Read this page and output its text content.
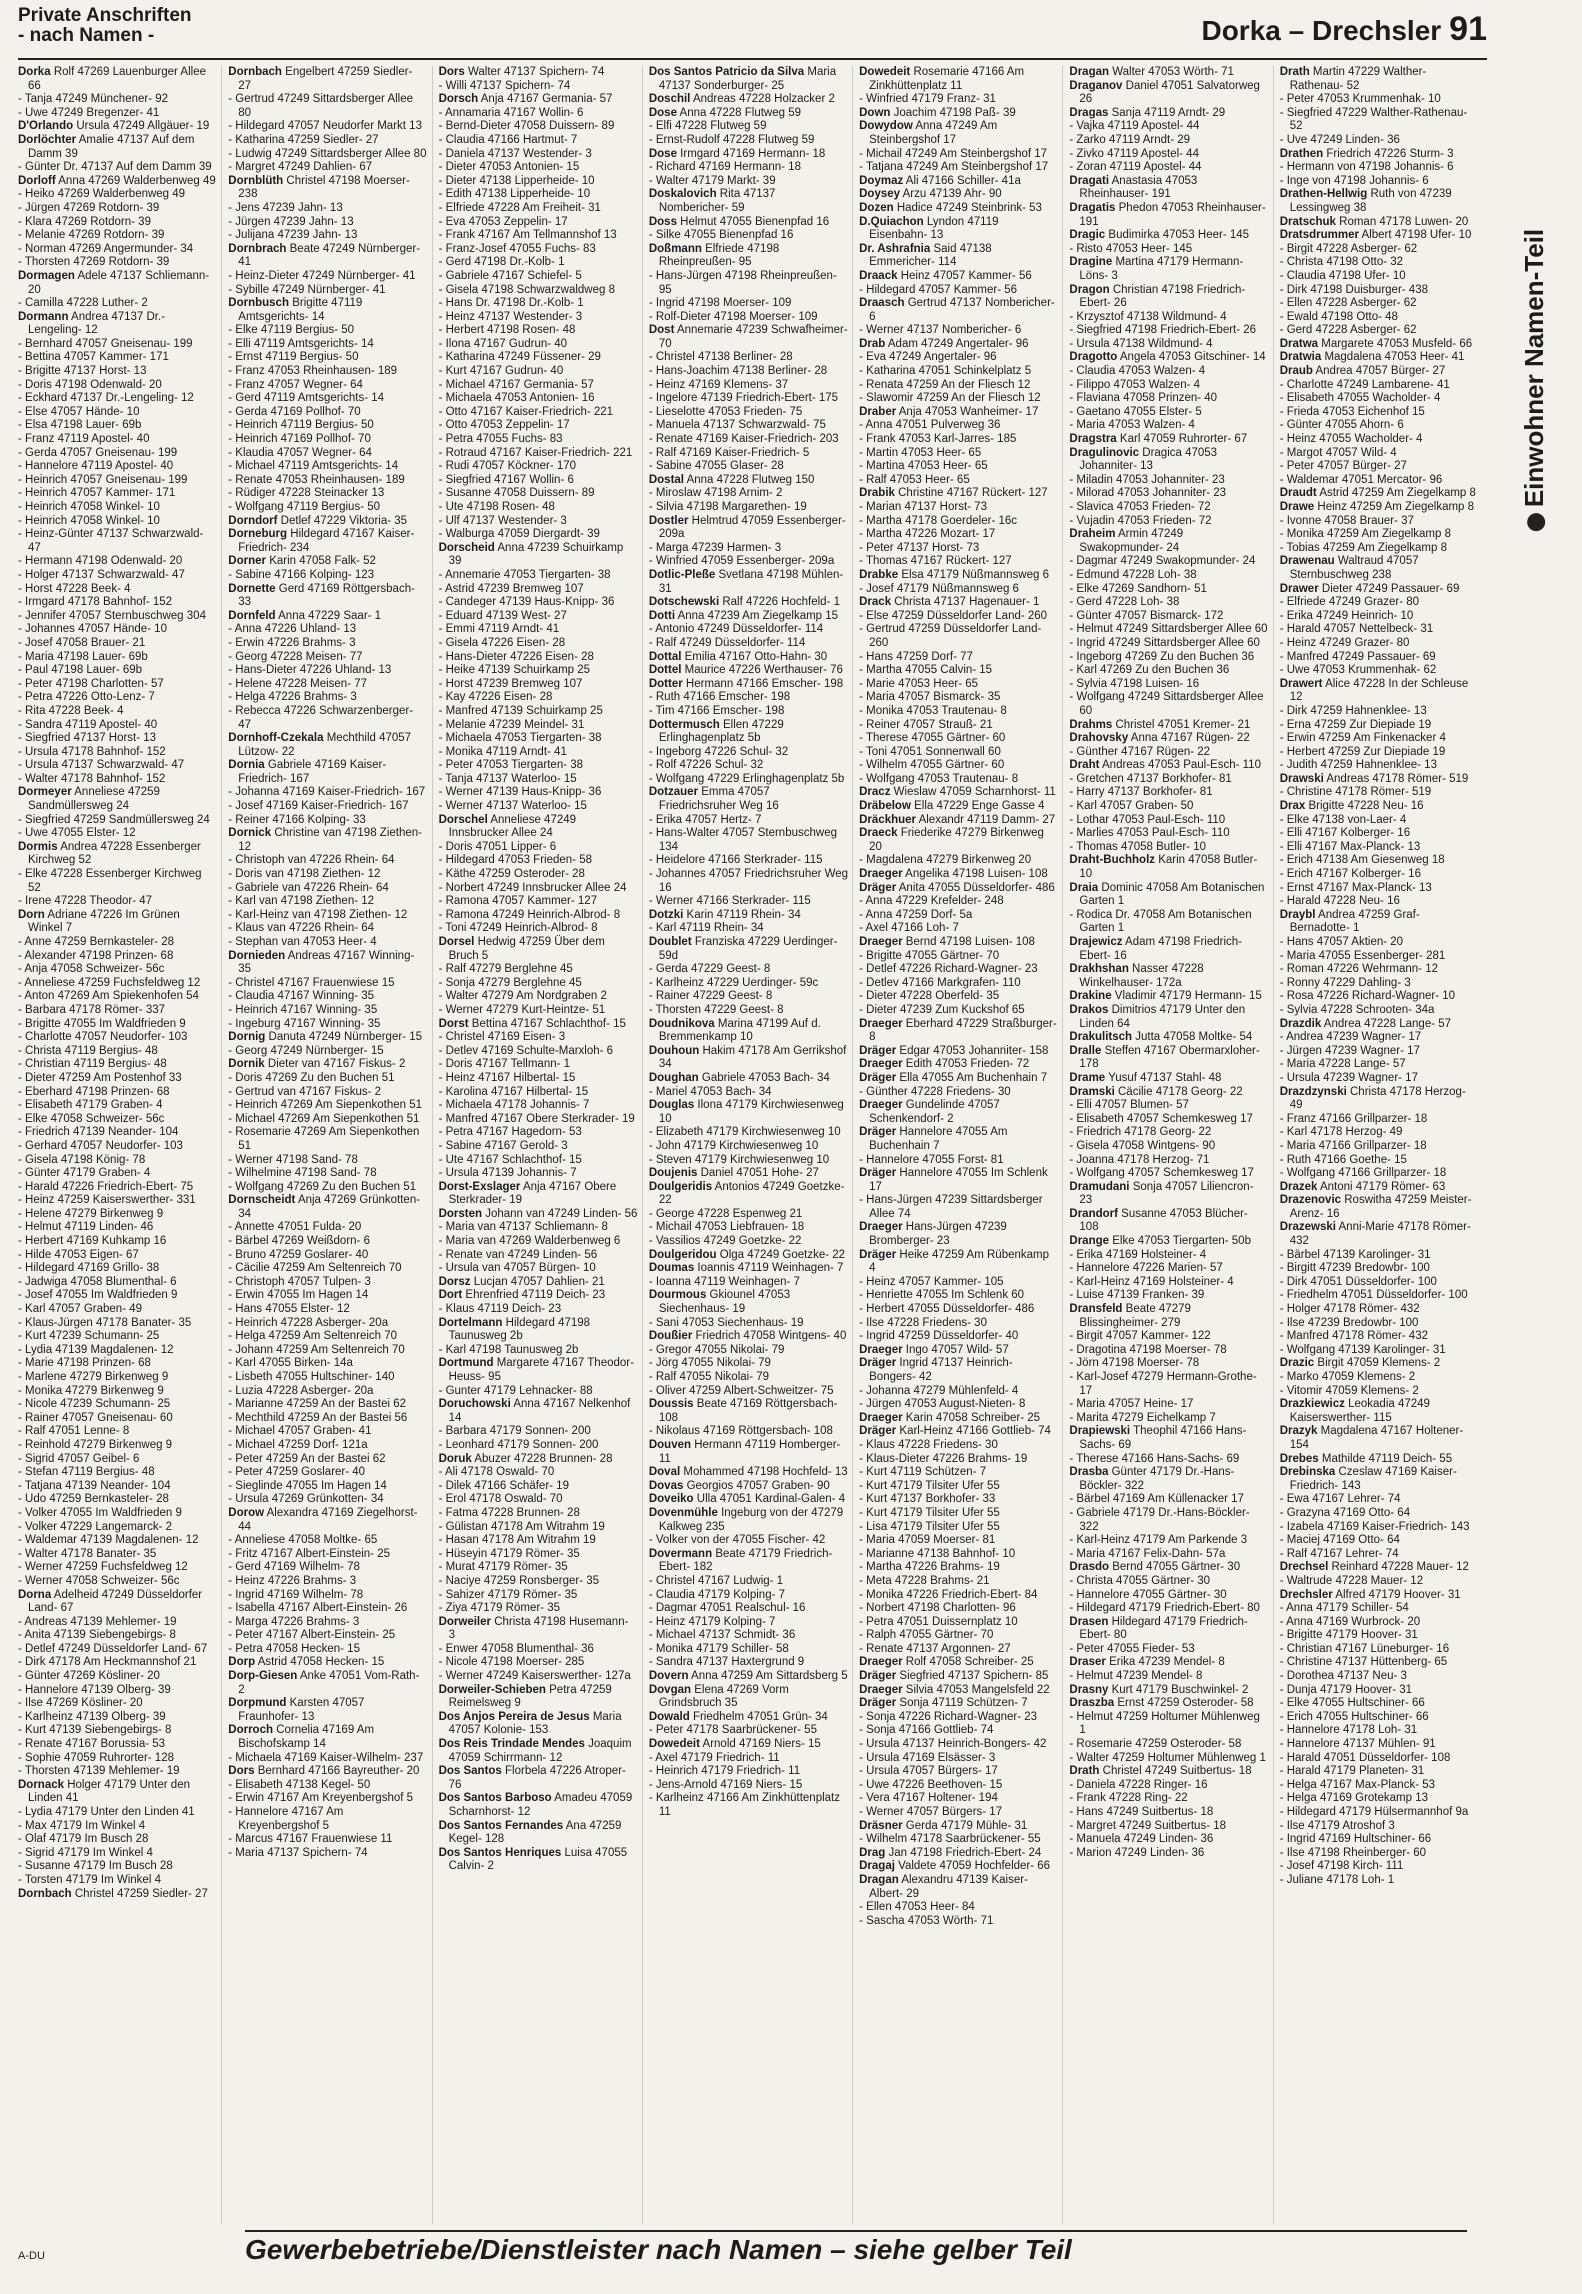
Private Anschriften
- nach Namen -	Dorka – Drechsler 91

Dorka Rolf 47269 Lauenburger Allee 66

- Tanja 47249 Münchener- 92

- Uwe 47249 Bregenzer- 41

D'Orlando Ursula 47249 Allgäuer- 19

Dorlöchter Amalie 47137 Auf dem Damm 39

- Günter Dr. 47137 Auf dem Damm 39

Dorloff Anna 47269 Walderbenweg 49

- Heiko 47269 Walderbenweg 49

- Jürgen 47269 Rotdorn- 39

- Klara 47269 Rotdorn- 39

- Melanie 47269 Rotdorn- 39

- Norman 47269 Angermunder- 34

- Thorsten 47269 Rotdorn- 39

Dormagen Adele 47137 Schliemann- 20

- Camilla 47228 Luther- 2

Dormann Andrea 47137 Dr.-Lengeling- 12

- Bernhard 47057 Gneisenau- 199

- Bettina 47057 Kammer- 171

- Brigitte 47137 Horst- 13

- Doris 47198 Odenwald- 20

- Eckhard 47137 Dr.-Lengeling- 12

- Else 47057 Hände- 10

- Elsa 47198 Lauer- 69b

- Franz 47119 Apostel- 40

- Gerda 47057 Gneisenau- 199

- Hannelore 47119 Apostel- 40

- Heinrich 47057 Gneisenau- 199

- Heinrich 47057 Kammer- 171

- Heinrich 47058 Winkel- 10

- Heinrich 47058 Winkel- 10

- Heinz-Günter 47137 Schwarzwald- 47

- Hermann 47198 Odenwald- 20

- Holger 47137 Schwarzwald- 47

- Horst 47228 Beek- 4

- Irmgard 47178 Bahnhof- 152

- Jennifer 47057 Sternbuschweg 304

- Johannes 47057 Hände- 10

- Josef 47058 Brauer- 21

- Maria 47198 Lauer- 69b

- Paul 47198 Lauer- 69b

- Peter 47198 Charlotten- 57

- Petra 47226 Otto-Lenz- 7

- Rita 47228 Beek- 4

- Sandra 47119 Apostel- 40

- Siegfried 47137 Horst- 13

- Ursula 47178 Bahnhof- 152

- Ursula 47137 Schwarzwald- 47

- Walter 47178 Bahnhof- 152

Dormeyer Anneliese 47259 Sandmüllersweg 24

- Siegfried 47259 Sandmüllersweg 24

- Uwe 47055 Elster- 12

Dormis Andrea 47228 Essenberger Kirchweg 52

- Elke 47228 Essenberger Kirchweg 52

- Irene 47228 Theodor- 47

Dorn Adriane 47226 Im Grünen Winkel 7

- Anne 47259 Bernkasteler- 28

- Alexander 47198 Prinzen- 68

- Anja 47058 Schweizer- 56c

- Anneliese 47259 Fuchsfeldweg 12

- Anton 47269 Am Spiekenhofen 54

- Barbara 47178 Römer- 337

- Brigitte 47055 Im Waldfrieden 9

- Charlotte 47057 Neudorfer- 103

- Christa 47119 Bergius- 48

- Christian 47119 Bergius- 48

- Dieter 47259 Am Postenhof 33

- Eberhard 47198 Prinzen- 68

- Elisabeth 47179 Graben- 4

- Elke 47058 Schweizer- 56c

- Friedrich 47139 Neander- 104

- Gerhard 47057 Neudorfer- 103

- Gisela 47198 König- 78

- Günter 47179 Graben- 4

- Harald 47226 Friedrich-Ebert- 75

- Heinz 47259 Kaiserswerther- 331

- Helene 47279 Birkenweg 9

- Helmut 47119 Linden- 46

- Herbert 47169 Kuhkamp 16

- Hilde 47053 Eigen- 67

- Hildegard 47169 Grillo- 38

- Jadwiga 47058 Blumenthal- 6

- Josef 47055 Im Waldfrieden 9

- Karl 47057 Graben- 49

- Klaus-Jürgen 47178 Banater- 35

- Kurt 47239 Schumann- 25

- Lydia 47139 Magdalenen- 12

- Marie 47198 Prinzen- 68

- Marlene 47279 Birkenweg 9

- Monika 47279 Birkenweg 9

- Nicole 47239 Schumann- 25

- Rainer 47057 Gneisenau- 60

- Ralf 47051 Lenne- 8

- Reinhold 47279 Birkenweg 9

- Sigrid 47057 Geibel- 6

- Stefan 47119 Bergius- 48

- Tatjana 47139 Neander- 104

- Udo 47259 Bernkasteler- 28

- Volker 47055 Im Waldfrieden 9

- Volker 47229 Langemarck- 2

- Waldemar 47139 Magdalenen- 12

- Walter 47178 Banater- 35

- Werner 47259 Fuchsfeldweg 12

- Werner 47058 Schweizer- 56c

Dorna Adelheid 47249 Düsseldorfer Land- 67

- Andreas 47139 Mehlemer- 19

- Anita 47139 Siebengebirgs- 8

- Detlef 47249 Düsseldorfer Land- 67

- Dirk 47178 Am Heckmannshof 21

- Günter 47269 Kösliner- 20

- Hannelore 47139 Olberg- 39

- Ilse 47269 Kösliner- 20

- Karlheinz 47139 Olberg- 39

- Kurt 47139 Siebengebirgs- 8

- Renate 47167 Borussia- 53

- Sophie 47059 Ruhrorter- 128

- Thorsten 47139 Mehlemer- 19

Dornack Holger 47179 Unter den Linden 41

- Lydia 47179 Unter den Linden 41

- Max 47179 Im Winkel 4

- Olaf 47179 Im Busch 28

- Sigrid 47179 Im Winkel 4

- Susanne 47179 Im Busch 28

- Torsten 47179 Im Winkel 4

Dornbach Christel 47259 Siedler- 27

Dornbach Engelbert 47259 Siedler- 27

- Gertrud 47249 Sittardsberger Allee 80

- Hildegard 47057 Neudorfer Markt 13

- Katharina 47259 Siedler- 27

- Ludwig 47249 Sittardsberger Allee 80

- Margret 47249 Dahlien- 67

Dornblüth Christel 47198 Moerser- 238

- Jens 47239 Jahn- 13

- Jürgen 47239 Jahn- 13

- Julijana 47239 Jahn- 13

Dornbrach Beate 47249 Nürnberger- 41

- Heinz-Dieter 47249 Nürnberger- 41

- Sybille 47249 Nürnberger- 41

Dornbusch Brigitte 47119 Amtsgerichts- 14

- Elke 47119 Bergius- 50

- Elli 47119 Amtsgerichts- 14

- Ernst 47119 Bergius- 50

- Franz 47053 Rheinhausen- 189

- Franz 47057 Wegner- 64

- Gerd 47119 Amtsgerichts- 14

- Gerda 47169 Pollhof- 70

- Heinrich 47119 Bergius- 50

- Heinrich 47169 Pollhof- 70

- Klaudia 47057 Wegner- 64

- Michael 47119 Amtsgerichts- 14

- Renate 47053 Rheinhausen- 189

- Rüdiger 47228 Steinacker 13

- Wolfgang 47119 Bergius- 50

Dorndorf Detlef 47229 Viktoria- 35

Dorneburg Hildegard 47167 Kaiser-Friedrich- 234

Dorner Karin 47058 Falk- 52

- Sabine 47166 Kolping- 123

Dornette Gerd 47169 Röttgersbach- 33

Dornfeld Anna 47229 Saar- 1

- Anna 47226 Uhland- 13

- Erwin 47226 Brahms- 3

- Georg 47228 Meisen- 77

- Hans-Dieter 47226 Uhland- 13

- Helene 47228 Meisen- 77

- Helga 47226 Brahms- 3

- Rebecca 47226 Schwarzenberger- 47

Dornhoff-Czekala Mechthild 47057 Lützow- 22

Dornia Gabriele 47169 Kaiser-Friedrich- 167

- Johanna 47169 Kaiser-Friedrich- 167

- Josef 47169 Kaiser-Friedrich- 167

- Reiner 47166 Kolping- 33

Dornick Christine van 47198 Ziethen- 12

- Christoph van 47226 Rhein- 64

- Doris van 47198 Ziethen- 12

- Gabriele van 47226 Rhein- 64

- Karl van 47198 Ziethen- 12

- Karl-Heinz van 47198 Ziethen- 12

- Klaus van 47226 Rhein- 64

- Stephan van 47053 Heer- 4

Dornieden Andreas 47167 Winning- 35

- Christel 47167 Frauenwiese 15

- Claudia 47167 Winning- 35

- Heinrich 47167 Winning- 35

- Ingeburg 47167 Winning- 35

Dornig Danuta 47249 Nürnberger- 15

- Georg 47249 Nürnberger- 15

Dornik Dieter van 47167 Fiskus- 2

- Doris 47269 Zu den Buchen 51

- Gertrud van 47167 Fiskus- 2

- Heinrich 47269 Am Siepenkothen 51

- Michael 47269 Am Siepenkothen 51

- Rosemarie 47269 Am Siepenkothen 51

- Werner 47198 Sand- 78

- Wilhelmine 47198 Sand- 78

- Wolfgang 47269 Zu den Buchen 51

Dornscheidt Anja 47269 Grünkotten- 34

- Annette 47051 Fulda- 20

- Bärbel 47269 Weißdorn- 6

- Bruno 47259 Goslarer- 40

- Cäcilie 47259 Am Seltenreich 70

- Christoph 47057 Tulpen- 3

- Erwin 47055 Im Hagen 14

- Hans 47055 Elster- 12

- Heinrich 47228 Asberger- 20a

- Helga 47259 Am Seltenreich 70

- Johann 47259 Am Seltenreich 70

- Karl 47055 Birken- 14a

- Lisbeth 47055 Hultschiner- 140

- Luzia 47228 Asberger- 20a

- Marianne 47259 An der Bastei 62

- Mechthild 47259 An der Bastei 56

- Michael 47057 Graben- 41

- Michael 47259 Dorf- 121a

- Peter 47259 An der Bastei 62

- Peter 47259 Goslarer- 40

- Sieglinde 47055 Im Hagen 14

- Ursula 47269 Grünkotten- 34

Dorow Alexandra 47169 Ziegelhorst- 44

- Anneliese 47058 Moltke- 65

- Fritz 47167 Albert-Einstein- 25

- Gerd 47169 Wilhelm- 78

- Heinz 47226 Brahms- 3

- Ingrid 47169 Wilhelm- 78

- Isabella 47167 Albert-Einstein- 26

- Marga 47226 Brahms- 3

- Peter 47167 Albert-Einstein- 25

- Petra 47058 Hecken- 15

Dorp Astrid 47058 Hecken- 15

Dorp-Giesen Anke 47051 Vom-Rath- 2

Dorpmund Karsten 47057 Fraunhofer- 13

Dorroch Cornelia 47169 Am Bischofskamp 14

- Michaela 47169 Kaiser-Wilhelm- 237

Dors Bernhard 47166 Bayreuther- 20

- Elisabeth 47138 Kegel- 50

- Erwin 47167 Am Kreyenbergshof 5

- Hannelore 47167 Am Kreyenbergshof 5

- Marcus 47167 Frauenwiese 11

- Maria 47137 Spichern- 74

Dors Walter 47137 Spichern- 74

- Willi 47137 Spichern- 74

Dorsch Anja 47167 Germania- 57

- Annamaria 47167 Wollin- 6

- Bernd-Dieter 47058 Duissern- 89

- Claudia 47166 Hartmut- 7

- Daniela 47137 Westender- 3

- Dieter 47053 Antonien- 15

- Dieter 47138 Lipperheide- 10

- Edith 47138 Lipperheide- 10

- Elfriede 47228 Am Freiheit- 31

- Eva 47053 Zeppelin- 17

- Frank 47167 Am Tellmannshof 13

- Franz-Josef 47055 Fuchs- 83

- Gerd 47198 Dr.-Kolb- 1

- Gabriele 47167 Schiefel- 5

- Gisela 47198 Schwarzwaldweg 8

- Hans Dr. 47198 Dr.-Kolb- 1

- Heinz 47137 Westender- 3

- Herbert 47198 Rosen- 48

- Ilona 47167 Gudrun- 40

- Katharina 47249 Füssener- 29

- Kurt 47167 Gudrun- 40

- Michael 47167 Germania- 57

- Michaela 47053 Antonien- 16

- Otto 47167 Kaiser-Friedrich- 221

- Otto 47053 Zeppelin- 17

- Petra 47055 Fuchs- 83

- Rotraud 47167 Kaiser-Friedrich- 221

- Rudi 47057 Köckner- 170

- Siegfried 47167 Wollin- 6

- Susanne 47058 Duissern- 89

- Ute 47198 Rosen- 48

- Ulf 47137 Westender- 3

- Walburga 47059 Diergardt- 39

Dorscheid Anna 47239 Schuirkamp 39

- Annemarie 47053 Tiergarten- 38

- Astrid 47239 Bremweg 107

- Candeger 47139 Haus-Knipp- 36

- Eduard 47139 West- 27

- Emmi 47119 Arndt- 41

- Gisela 47226 Eisen- 28

- Hans-Dieter 47226 Eisen- 28

- Heike 47139 Schuirkamp 25

- Horst 47239 Bremweg 107

- Kay 47226 Eisen- 28

- Manfred 47139 Schuirkamp 25

- Melanie 47239 Meindel- 31

- Michaela 47053 Tiergarten- 38

- Monika 47119 Arndt- 41

- Peter 47053 Tiergarten- 38

- Tanja 47137 Waterloo- 15

- Werner 47139 Haus-Knipp- 36

- Werner 47137 Waterloo- 15

Dorschel Anneliese 47249 Innsbrucker Allee 24

- Doris 47051 Lipper- 6

- Hildegard 47053 Frieden- 58

- Käthe 47259 Osteroder- 28

- Norbert 47249 Innsbrucker Allee 24

- Ramona 47057 Kammer- 127

- Ramona 47249 Heinrich-Albrod- 8

- Toni 47249 Heinrich-Albrod- 8

Dorsel Hedwig 47259 Über dem Bruch 5

- Ralf 47279 Berglehne 45

- Sonja 47279 Berglehne 45

- Walter 47279 Am Nordgraben 2

- Werner 47279 Kurt-Heintze- 51

Dorst Bettina 47167 Schlachthof- 15

- Christel 47169 Eisen- 3

- Detlev 47169 Schulte-Marxloh- 6

- Doris 47167 Tellmann- 1

- Heinz 47167 Hilbertal- 15

- Karolina 47167 Hilbertal- 15

- Michaela 47178 Johannis- 7

- Manfred 47167 Obere Sterkrader- 19

- Petra 47167 Hagedorn- 53

- Sabine 47167 Gerold- 3

- Ute 47167 Schlachthof- 15

- Ursula 47139 Johannis- 7

Dorst-Exslager Anja 47167 Obere Sterkrader- 19

Dorsten Johann van 47249 Linden- 56

- Maria van 47137 Schliemann- 8

- Maria van 47269 Walderbenweg 6

- Renate van 47249 Linden- 56

- Ursula van 47057 Bürgen- 10

Dorsz Lucjan 47057 Dahlien- 21

Dort Ehrenfried 47119 Deich- 23

- Klaus 47119 Deich- 23

Dortelmann Hildegard 47198 Taunusweg 2b

- Karl 47198 Taunusweg 2b

Dortmund Margarete 47167 Theodor-Heuss- 95

- Gunter 47179 Lehnacker- 88

Doruchowski Anna 47167 Nelkenhof 14

- Barbara 47179 Sonnen- 200

- Leonhard 47179 Sonnen- 200

Doruk Abuzer 47228 Brunnen- 28

- Ali 47178 Oswald- 70

- Dilek 47166 Schäfer- 19

- Erol 47178 Oswald- 70

- Fatma 47228 Brunnen- 28

- Gülistan 47178 Am Witrahm 19

- Hasan 47178 Am Witrahm 19

- Hüseyin 47179 Römer- 35

- Murat 47179 Römer- 35

- Naciye 47259 Ronsberger- 35

- Sahizer 47179 Römer- 35

- Ziya 47179 Römer- 35

Dorweiler Christa 47198 Husemann- 3

- Enwer 47058 Blumenthal- 36

- Nicole 47198 Moerser- 285

- Werner 47249 Kaiserswerther- 127a

Dorweiler-Schieben Petra 47259 Reimelsweg 9

Dos Anjos Pereira de Jesus Maria 47057 Kolonie- 153

Dos Reis Trindade Mendes Joaquim 47059 Schirrmann- 12

Dos Santos Florbela 47226 Atroper- 76

Dos Santos Barboso Amadeu 47059 Scharnhorst- 12

Dos Santos Fernandes Ana 47259 Kegel- 128

Dos Santos Henriques Luisa 47055 Calvin- 2

Dos Santos Patricio da Silva Maria 47137 Sonderburger- 25

Doschil Andreas 47228 Holzacker 2

Dose Anna 47228 Flutweg 59

- Elfi 47228 Flutweg 59

- Ernst-Rudolf 47228 Flutweg 59

Dose Irmgard 47169 Hermann- 18

- Richard 47169 Hermann- 18

- Walter 47179 Markt- 39

Doskalovich Rita 47137 Nombericher- 59

Doss Helmut 47055 Bienenpfad 16

- Silke 47055 Bienenpfad 16

Doßmann Elfriede 47198 Rheinpreußen- 95

- Hans-Jürgen 47198 Rheinpreußen- 95

- Ingrid 47198 Moerser- 109

- Rolf-Dieter 47198 Moerser- 109

Dost Annemarie 47239 Schwafheimer- 70

- Christel 47138 Berliner- 28

- Hans-Joachim 47138 Berliner- 28

- Heinz 47169 Klemens- 37

- Ingelore 47139 Friedrich-Ebert- 175

- Lieselotte 47053 Frieden- 75

- Manuela 47137 Schwarzwald- 75

- Renate 47169 Kaiser-Friedrich- 203

- Ralf 47169 Kaiser-Friedrich- 5

- Sabine 47055 Glaser- 28

Dostal Anna 47228 Flutweg 150

- Miroslaw 47198 Arnim- 2

- Silvia 47198 Margarethen- 19

Dostler Helmtrud 47059 Essenberger- 209a

- Marga 47239 Harmen- 3

- Winfried 47059 Essenberger- 209a

Dotlic-Pleße Svetlana 47198 Mühlen- 31

Dotschewski Ralf 47226 Hochfeld- 1

Dotti Anna 47239 Am Ziegelkamp 15

- Antonio 47249 Düsseldorfer- 114

- Ralf 47249 Düsseldorfer- 114

Dottal Emilia 47167 Otto-Hahn- 30

Dottel Maurice 47226 Werthauser- 76

Dotter Hermann 47166 Emscher- 198

- Ruth 47166 Emscher- 198

- Tim 47166 Emscher- 198

Dottermusch Ellen 47229 Erlinghagenplatz 5b

- Ingeborg 47226 Schul- 32

- Rolf 47226 Schul- 32

- Wolfgang 47229 Erlinghagenplatz 5b

Dotzauer Emma 47057 Friedrichsruher Weg 16

- Erika 47057 Hertz- 7

- Hans-Walter 47057 Sternbuschweg 134

- Heidelore 47166 Sterkrader- 115

- Johannes 47057 Friedrichsruher Weg 16

- Werner 47166 Sterkrader- 115

Dotzki Karin 47119 Rhein- 34

- Karl 47119 Rhein- 34

Doublet Franziska 47229 Uerdinger- 59d

- Gerda 47229 Geest- 8

- Karlheinz 47229 Uerdinger- 59c

- Rainer 47229 Geest- 8

- Thorsten 47229 Geest- 8

Doudnikova Marina 47199 Auf d. Bremmenkamp 10

Douhoun Hakim 47178 Am Gerrikshof 34

Doughan Gabriele 47053 Bach- 34

- Mariel 47053 Bach- 34

Douglas Ilona 47179 Kirchwiesenweg 10

- Elizabeth 47179 Kirchwiesenweg 10

- John 47179 Kirchwiesenweg 10

- Steven 47179 Kirchwiesenweg 10

Doujenis Daniel 47051 Hohe- 27

Doulgeridis Antonios 47249 Goetzke- 22

- George 47228 Espenweg 21

- Michail 47053 Liebfrauen- 18

- Vassilios 47249 Goetzke- 22

Doulgeridou Olga 47249 Goetzke- 22

Doumas Ioannis 47119 Weinhagen- 7

- Ioanna 47119 Weinhagen- 7

Dourmous Gkiounel 47053 Siechenhaus- 19

- Sani 47053 Siechenhaus- 19

Doußier Friedrich 47058 Wintgens- 40

- Gregor 47055 Nikolai- 79

- Jörg 47055 Nikolai- 79

- Ralf 47055 Nikolai- 79

- Oliver 47259 Albert-Schweitzer- 75

Doussis Beate 47169 Röttgersbach- 108

- Nikolaus 47169 Röttgersbach- 108

Douven Hermann 47119 Homberger- 11

Doval Mohammed 47198 Hochfeld- 13

Dovas Georgios 47057 Graben- 90

Doveiko Ulla 47051 Kardinal-Galen- 4

Dovenmühle Ingeburg von der 47279 Kalkweg 235

- Volker von der 47055 Fischer- 42

Dovermann Beate 47179 Friedrich-Ebert- 182

- Christel 47167 Ludwig- 1

- Claudia 47179 Kolping- 7

- Dagmar 47051 Realschul- 16

- Heinz 47179 Kolping- 7

- Michael 47137 Schmidt- 36

- Monika 47179 Schiller- 58

- Sandra 47137 Haxtergrund 9

Dovern Anna 47259 Am Sittardsberg 5

Dovgan Elena 47269 Vorm Grindsbruch 35

Dowald Friedhelm 47051 Grün- 34

- Peter 47178 Saarbrückener- 55

Dowedeit Arnold 47169 Niers- 15

- Axel 47179 Friedrich- 11

- Heinrich 47179 Friedrich- 11

- Jens-Arnold 47169 Niers- 15

- Karlheinz 47166 Am Zinkhüttenplatz 11

Dowedeit Rosemarie 47166 Am Zinkhüttenplatz 11

- Winfried 47179 Franz- 31

Down Joachim 47198 Paß- 39

Dowydow Anna 47249 Am Steinbergshof 17

- Michail 47249 Am Steinbergshof 17

- Tatjana 47249 Am Steinbergshof 17

Doymaz Ali 47166 Schiller- 41a

Doysey Arzu 47139 Ahr- 90

Dozen Hadice 47249 Steinbrink- 53

D.Quiachon Lyndon 47119 Eisenbahn- 13

Dr. Ashrafnia Said 47138 Emmericher- 114

Draack Heinz 47057 Kammer- 56

- Hildegard 47057 Kammer- 56

Draasch Gertrud 47137 Nombericher- 6

- Werner 47137 Nombericher- 6

Drab Adam 47249 Angertaler- 96

- Eva 47249 Angertaler- 96

- Katharina 47051 Schinkelplatz 5

- Renata 47259 An der Fliesch 12

- Slawomir 47259 An der Fliesch 12

Draber Anja 47053 Wanheimer- 17

- Anna 47051 Pulverweg 36

- Frank 47053 Karl-Jarres- 185

- Martin 47053 Heer- 65

- Martina 47053 Heer- 65

- Ralf 47053 Heer- 65

Drabik Christine 47167 Rückert- 127

- Marian 47137 Horst- 73

- Martha 47178 Goerdeler- 16c

- Martha 47226 Mozart- 17

- Peter 47137 Horst- 73

- Thomas 47167 Rückert- 127

Drabke Elsa 47179 Nüßmannsweg 6

- Josef 47179 Nüßmannsweg 6

Drack Christa 47137 Hagenauer- 1

- Else 47259 Düsseldorfer Land- 260

- Gertrud 47259 Düsseldorfer Land- 260

- Hans 47259 Dorf- 77

- Martha 47055 Calvin- 15

- Marie 47053 Heer- 65

- Maria 47057 Bismarck- 35

- Monika 47053 Trautenau- 8

- Reiner 47057 Strauß- 21

- Therese 47055 Gärtner- 60

- Toni 47051 Sonnenwall 60

- Wilhelm 47055 Gärtner- 60

- Wolfgang 47053 Trautenau- 8

Dracz Wieslaw 47059 Scharnhorst- 11

Dräbelow Ella 47229 Enge Gasse 4

Dräckhuer Alexandr 47119 Damm- 27

Draeck Friederike 47279 Birkenweg 20

- Magdalena 47279 Birkenweg 20

Draeger Angelika 47198 Luisen- 108

Dräger Anita 47055 Düsseldorfer- 486

- Anna 47229 Krefelder- 248

- Anna 47259 Dorf- 5a

- Axel 47166 Loh- 7

Draeger Bernd 47198 Luisen- 108

- Brigitte 47055 Gärtner- 70

- Detlef 47226 Richard-Wagner- 23

- Detlev 47166 Markgrafen- 110

- Dieter 47228 Oberfeld- 35

- Dieter 47239 Zum Kuckshof 65

Draeger Eberhard 47229 Straßburger- 8

Dräger Edgar 47053 Johanniter- 158

Draeger Edith 47053 Frieden- 72

Dräger Ella 47055 Am Buchenhain 7

- Günther 47228 Friedens- 30

Draeger Gundelinde 47057 Schenkendorf- 2

Dräger Hannelore 47055 Am Buchenhain 7

- Hannelore 47055 Forst- 81

Dräger Hannelore 47055 Im Schlenk 17

- Hans-Jürgen 47239 Sittardsberger Allee 74

Draeger Hans-Jürgen 47239 Bromberger- 23

Dräger Heike 47259 Am Rübenkamp 4

- Heinz 47057 Kammer- 105

- Henriette 47055 Im Schlenk 60

- Herbert 47055 Düsseldorfer- 486

- Ilse 47228 Friedens- 30

- Ingrid 47259 Düsseldorfer- 40

Draeger Ingo 47057 Wild- 57

Dräger Ingrid 47137 Heinrich-Bongers- 42

- Johanna 47279 Mühlenfeld- 4

- Jürgen 47053 August-Nieten- 8

Draeger Karin 47058 Schreiber- 25

Dräger Karl-Heinz 47166 Gottlieb- 74

- Klaus 47228 Friedens- 30

- Klaus-Dieter 47226 Brahms- 19

- Kurt 47119 Schützen- 7

- Kurt 47179 Tilsiter Ufer 55

- Kurt 47137 Borkhofer- 33

- Kurt 47179 Tilsiter Ufer 55

- Lisa 47179 Tilsiter Ufer 55

- Maria 47059 Moerser- 81

- Marianne 47138 Bahnhof- 10

- Martha 47226 Brahms- 19

- Meta 47228 Brahms- 21

- Monika 47226 Friedrich-Ebert- 84

- Norbert 47198 Charlotten- 96

- Petra 47051 Duissernplatz 10

- Ralph 47055 Gärtner- 70

- Renate 47137 Argonnen- 27

Draeger Rolf 47058 Schreiber- 25

Dräger Siegfried 47137 Spichern- 85

Draeger Silvia 47053 Mangelsfeld 22

Dräger Sonja 47119 Schützen- 7

- Sonja 47226 Richard-Wagner- 23

- Sonja 47166 Gottlieb- 74

- Ursula 47137 Heinrich-Bongers- 42

- Ursula 47169 Elsässer- 3

- Ursula 47057 Bürgers- 17

- Uwe 47226 Beethoven- 15

- Vera 47167 Holtener- 194

- Werner 47057 Bürgers- 17

Dräsner Gerda 47179 Mühle- 31

- Wilhelm 47178 Saarbrückener- 55

Drag Jan 47198 Friedrich-Ebert- 24

Dragaj Valdete 47059 Hochfelder- 66

Dragan Alexandru 47139 Kaiser-Albert- 29

- Ellen 47053 Heer- 84

- Sascha 47053 Wörth- 71

Dragan Walter 47053 Wörth- 71

Draganov Daniel 47051 Salvatorweg 26

Dragas Sanja 47119 Arndt- 29

- Vajka 47119 Apostel- 44

- Zarko 47119 Arndt- 29

- Zivko 47119 Apostel- 44

- Zoran 47119 Apostel- 44

Dragati Anastasia 47053 Rheinhauser- 191

Dragatis Phedon 47053 Rheinhauser- 191

Dragic Budimirka 47053 Heer- 145

- Risto 47053 Heer- 145

Dragine Martina 47179 Hermann-Löns- 3

Dragon Christian 47198 Friedrich-Ebert- 26

- Krzysztof 47138 Wildmund- 4

- Siegfried 47198 Friedrich-Ebert- 26

- Ursula 47138 Wildmund- 4

Dragotto Angela 47053 Gitschiner- 14

- Claudia 47053 Walzen- 4

- Filippo 47053 Walzen- 4

- Flaviana 47058 Prinzen- 40

- Gaetano 47055 Elster- 5

- Maria 47053 Walzen- 4

Dragstra Karl 47059 Ruhrorter- 67

Dragulinovic Dragica 47053 Johanniter- 13

- Miladin 47053 Johanniter- 23

- Milorad 47053 Johanniter- 23

- Slavica 47053 Frieden- 72

- Vujadin 47053 Frieden- 72

Draheim Armin 47249 Swakopmunder- 24

- Dagmar 47249 Swakopmunder- 24

- Edmund 47228 Loh- 38

- Elke 47269 Sandhorn- 51

- Gerd 47228 Loh- 38

- Günter 47057 Bismarck- 172

- Helmut 47249 Sittardsberger Allee 60

- Ingrid 47249 Sittardsberger Allee 60

- Ingeborg 47269 Zu den Buchen 36

- Karl 47269 Zu den Buchen 36

- Sylvia 47198 Luisen- 16

- Wolfgang 47249 Sittardsberger Allee 60

Drahms Christel 47051 Kremer- 21

Drahovsky Anna 47167 Rügen- 22

- Günther 47167 Rügen- 22

Draht Andreas 47053 Paul-Esch- 110

- Gretchen 47137 Borkhofer- 81

- Harry 47137 Borkhofer- 81

- Karl 47057 Graben- 50

- Lothar 47053 Paul-Esch- 110

- Marlies 47053 Paul-Esch- 110

- Thomas 47058 Butler- 10

Draht-Buchholz Karin 47058 Butler- 10

Draia Dominic 47058 Am Botanischen Garten 1

- Rodica Dr. 47058 Am Botanischen Garten 1

Drajewicz Adam 47198 Friedrich-Ebert- 16

Drakhshan Nasser 47228 Winkelhauser- 172a

Drakine Vladimir 47179 Hermann- 15

Drakos Dimitrios 47179 Unter den Linden 64

Drakulitsch Jutta 47058 Moltke- 54

Dralle Steffen 47167 Obermarxloher- 178

Drame Yusuf 47137 Stahl- 48

Dramski Cäcilie 47178 Georg- 22

- Elli 47057 Blumen- 57

- Elisabeth 47057 Schemkesweg 17

- Friedrich 47178 Georg- 22

- Gisela 47058 Wintgens- 90

- Joanna 47178 Herzog- 71

- Wolfgang 47057 Schemkesweg 17

Dramudani Sonja 47057 Liliencron- 23

Drandorf Susanne 47053 Blücher- 108

Drange Elke 47053 Tiergarten- 50b

- Erika 47169 Holsteiner- 4

- Hannelore 47226 Marien- 57

- Karl-Heinz 47169 Holsteiner- 4

- Luise 47139 Franken- 39

Dransfeld Beate 47279 Blissingheimer- 279

- Birgit 47057 Kammer- 122

- Dragotina 47198 Moerser- 78

- Jörn 47198 Moerser- 78

- Karl-Josef 47279 Hermann-Grothe- 17

- Maria 47057 Heine- 17

- Marita 47279 Eichelkamp 7

Drapiewski Theophil 47166 Hans-Sachs- 69

- Therese 47166 Hans-Sachs- 69

Drasba Günter 47179 Dr.-Hans-Böckler- 322

- Bärbel 47169 Am Küllenacker 17

- Gabriele 47179 Dr.-Hans-Böckler- 322

- Karl-Heinz 47179 Am Parkende 3

- Maria 47167 Felix-Dahn- 57a

Drasdo Bernd 47055 Gärtner- 30

- Christa 47055 Gärtner- 30

- Hannelore 47055 Gärtner- 30

- Hildegard 47179 Friedrich-Ebert- 80

Drasen Hildegard 47179 Friedrich-Ebert- 80

- Peter 47055 Fieder- 53

Draser Erika 47239 Mendel- 8

- Helmut 47239 Mendel- 8

Drasny Kurt 47179 Buschwinkel- 2

Draszba Ernst 47259 Osteroder- 58

- Helmut 47259 Holtumer Mühlenweg 1

- Rosemarie 47259 Osteroder- 58

- Walter 47259 Holtumer Mühlenweg 1

Drath Christel 47249 Suitbertus- 18

- Daniela 47228 Ringer- 16

- Frank 47228 Ring- 22

- Hans 47249 Suitbertus- 18

- Margret 47249 Suitbertus- 18

- Manuela 47249 Linden- 36

- Marion 47249 Linden- 36

Drath Martin 47229 Walther-Rathenau- 52

- Peter 47053 Krummenhak- 10

- Siegfried 47229 Walther-Rathenau- 52

- Uve 47249 Linden- 36

Drathen Friedrich 47226 Sturm- 3

- Hermann von 47198 Johannis- 6

- Inge von 47198 Johannis- 6

Drathen-Hellwig Ruth von 47239 Lessingweg 38

Dratschuk Roman 47178 Luwen- 20

Dratsdrummer Albert 47198 Ufer- 10

- Birgit 47228 Asberger- 62

- Christa 47198 Otto- 32

- Claudia 47198 Ufer- 10

- Dirk 47198 Duisburger- 438

- Ellen 47228 Asberger- 62

- Ewald 47198 Otto- 48

- Gerd 47228 Asberger- 62

Dratwa Margarete 47053 Musfeld- 66

Dratwia Magdalena 47053 Heer- 41

Draub Andrea 47057 Bürger- 27

- Charlotte 47249 Lambarene- 41

- Elisabeth 47055 Wacholder- 4

- Frieda 47053 Eichenhof 15

- Günter 47055 Ahorn- 6

- Heinz 47055 Wacholder- 4

- Margot 47057 Wild- 4

- Peter 47057 Bürger- 27

- Waldemar 47051 Mercator- 96

Draudt Astrid 47259 Am Ziegelkamp 8

Drawe Heinz 47259 Am Ziegelkamp 8

- Ivonne 47058 Brauer- 37

- Monika 47259 Am Ziegelkamp 8

- Tobias 47259 Am Ziegelkamp 8

Drawenau Waltraud 47057 Sternbuschweg 238

Drawer Dieter 47249 Passauer- 69

- Elfriede 47249 Grazer- 80

- Erika 47249 Heinrich- 10

- Harald 47057 Nettelbeck- 31

- Heinz 47249 Grazer- 80

- Manfred 47249 Passauer- 69

- Uwe 47053 Krummenhak- 62

Drawert Alice 47228 In der Schleuse 12

- Dirk 47259 Hahnenklee- 13

- Erna 47259 Zur Diepiade 19

- Erwin 47259 Am Finkenacker 4

- Herbert 47259 Zur Diepiade 19

- Judith 47259 Hahnenklee- 13

Drawski Andreas 47178 Römer- 519

- Christine 47178 Römer- 519

Drax Brigitte 47228 Neu- 16

- Elke 47138 von-Laer- 4

- Elli 47167 Kolberger- 16

- Elli 47167 Max-Planck- 13

- Erich 47138 Am Giesenweg 18

- Erich 47167 Kolberger- 16

- Ernst 47167 Max-Planck- 13

- Harald 47228 Neu- 16

Draybl Andrea 47259 Graf-Bernadotte- 1

- Hans 47057 Aktien- 20

- Maria 47055 Essenberger- 281

- Roman 47226 Wehrmann- 12

- Ronny 47229 Dahling- 3

- Rosa 47226 Richard-Wagner- 10

- Sylvia 47228 Schrooten- 34a

Drazdik Andrea 47228 Lange- 57

- Andrea 47239 Wagner- 17

- Jürgen 47239 Wagner- 17

- Maria 47228 Lange- 57

- Ursula 47239 Wagner- 17

Drazdzynski Christa 47178 Herzog- 49

- Franz 47166 Grillparzer- 18

- Karl 47178 Herzog- 49

- Maria 47166 Grillparzer- 18

- Ruth 47166 Goethe- 15

- Wolfgang 47166 Grillparzer- 18

Drazek Antoni 47179 Römer- 63

Drazenovic Roswitha 47259 Meister-Arenz- 16

Drazewski Anni-Marie 47178 Römer- 432

- Bärbel 47139 Karolinger- 31

- Birgitt 47239 Bredowbr- 100

- Dirk 47051 Düsseldorfer- 100

- Friedhelm 47051 Düsseldorfer- 100

- Holger 47178 Römer- 432

- Ilse 47239 Bredowbr- 100

- Manfred 47178 Römer- 432

- Wolfgang 47139 Karolinger- 31

Drazic Birgit 47059 Klemens- 2

- Marko 47059 Klemens- 2

- Vitomir 47059 Klemens- 2

Drazkiewicz Leokadia 47249 Kaiserswerther- 115

Drazyk Magdalena 47167 Holtener- 154

Drebes Mathilde 47119 Deich- 55

Drebinska Czeslaw 47169 Kaiser-Friedrich- 143

- Ewa 47167 Lehrer- 74

- Grazyna 47169 Otto- 64

- Izabela 47169 Kaiser-Friedrich- 143

- Maciej 47169 Otto- 64

- Ralf 47167 Lehrer- 74

Drechsel Reinhard 47228 Mauer- 12

- Waltrude 47228 Mauer- 12

Drechsler Alfred 47179 Hoover- 31

- Anna 47179 Schiller- 54

- Anna 47169 Wurbrock- 20

- Brigitte 47179 Hoover- 31

- Christian 47167 Lüneburger- 16

- Christine 47137 Hüttenberg- 65

- Dorothea 47137 Neu- 3

- Dunja 47179 Hoover- 31

- Elke 47055 Hultschiner- 66

- Erich 47055 Hultschiner- 66

- Hannelore 47178 Loh- 31

- Hannelore 47137 Mühlen- 91

- Harald 47051 Düsseldorfer- 108

- Harald 47179 Planeten- 31

- Helga 47167 Max-Planck- 53

- Helga 47169 Grotekamp 13

- Hildegard 47179 Hülsermannhof 9a

- Ilse 47179 Atroshof 3

- Ingrid 47169 Hultschiner- 66

- Ilse 47198 Rheinberger- 60

- Josef 47198 Kirch- 111

- Juliane 47178 Loh- 1

Einwohner Namen-Teil
Gewerbebetriebe/Dienstleister nach Namen – siehe gelber Teil
A-DU
